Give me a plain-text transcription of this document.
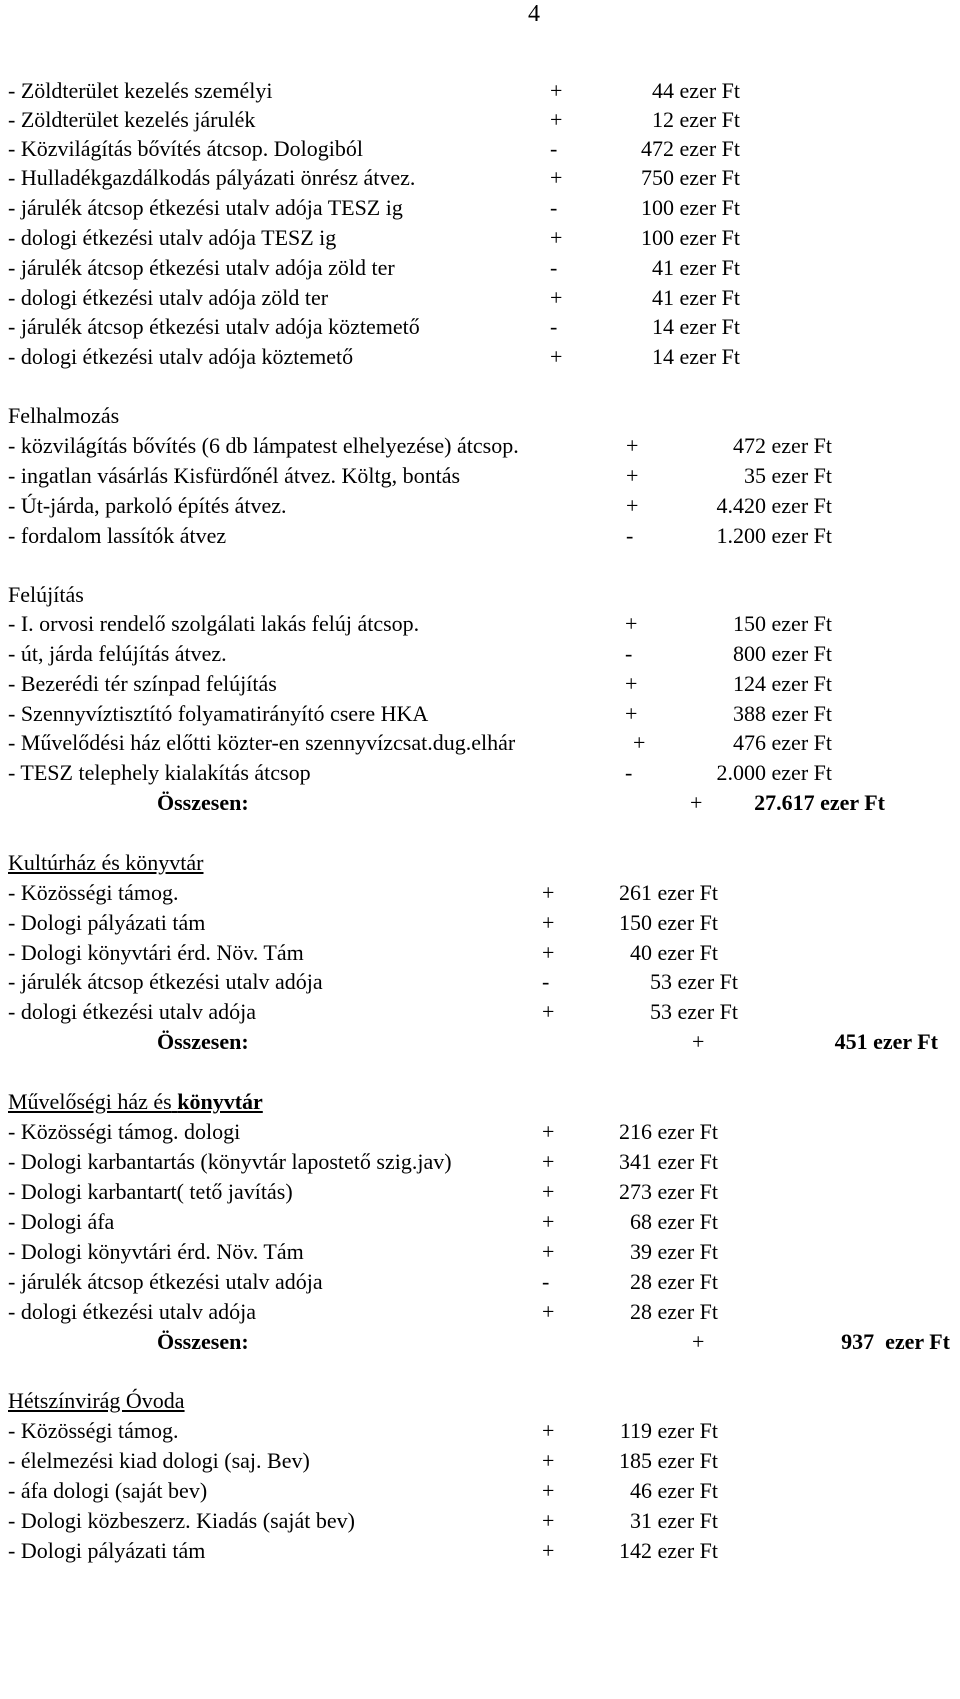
4
- Zöldterület kezelés személyi	+	44 ezer Ft
- Zöldterület kezelés járulék	+	12 ezer Ft
- Közvilágítás bővítés átcsop. Dologiból	-	472 ezer Ft
- Hulladékgazdálkodás pályázati önrész átvez.	+	750 ezer Ft
- járulék átcsop étkezési utalv adója TESZ ig	-	100 ezer Ft
- dologi étkezési utalv adója TESZ ig	+	100 ezer Ft
- járulék átcsop étkezési utalv adója zöld ter	-	41 ezer Ft
- dologi étkezési utalv adója zöld ter	+	41 ezer Ft
- járulék átcsop étkezési utalv adója köztemető	-	14 ezer Ft
- dologi étkezési utalv adója köztemető	+	14 ezer Ft
Felhalmozás
- közvilágítás bővítés (6 db lámpatest elhelyezése) átcsop.	+	472 ezer Ft
- ingatlan vásárlás Kisfürdőnél átvez. Költg, bontás	+	35 ezer Ft
- Út-járda, parkoló építés átvez.	+	4.420 ezer Ft
- fordalom lassítók átvez	-	1.200 ezer Ft
Felújítás
- I. orvosi rendelő szolgálati lakás felúj átcsop.	+	150 ezer Ft
- út, járda felújítás átvez.	-	800 ezer Ft
- Bezerédi tér színpad felújítás	+	124 ezer Ft
- Szennyvíztisztító folyamatirányító csere HKA	+	388 ezer Ft
- Művelődési ház előtti közter-en szennyvízcsat.dug.elhár	+	476 ezer Ft
- TESZ telephely kialakítás átcsop	-	2.000 ezer Ft
Összesen:	+ 27.617 ezer Ft
Kultúrház és könyvtár
- Közösségi támog.	+	261 ezer Ft
- Dologi pályázati tám	+	150 ezer Ft
- Dologi könyvtári érd. Növ. Tám	+	40 ezer Ft
- járulék átcsop étkezési utalv adója	-	53 ezer Ft
- dologi étkezési utalv adója	+	53 ezer Ft
Összesen:	+	451 ezer Ft
Művelőségi ház és könyvtár
- Közösségi támog. dologi	+	216 ezer Ft
- Dologi karbantartás (könyvtár lapostető szig.jav)	+	341 ezer Ft
- Dologi karbantart( tető javítás)	+	273 ezer Ft
- Dologi áfa	+	68 ezer Ft
- Dologi könyvtári érd. Növ. Tám	+	39 ezer Ft
- járulék átcsop étkezési utalv adója	-	28 ezer Ft
- dologi étkezési utalv adója	+	28 ezer Ft
Összesen:	+	937  ezer Ft
Hétszínvirág Óvoda
- Közösségi támog.	+	119 ezer Ft
- élelmezési kiad dologi (saj. Bev)	+	185 ezer Ft
- áfa dologi (saját bev)	+	46 ezer Ft
- Dologi közbeszerz. Kiadás (saját bev)	+	31 ezer Ft
- Dologi pályázati tám	+	142 ezer Ft
